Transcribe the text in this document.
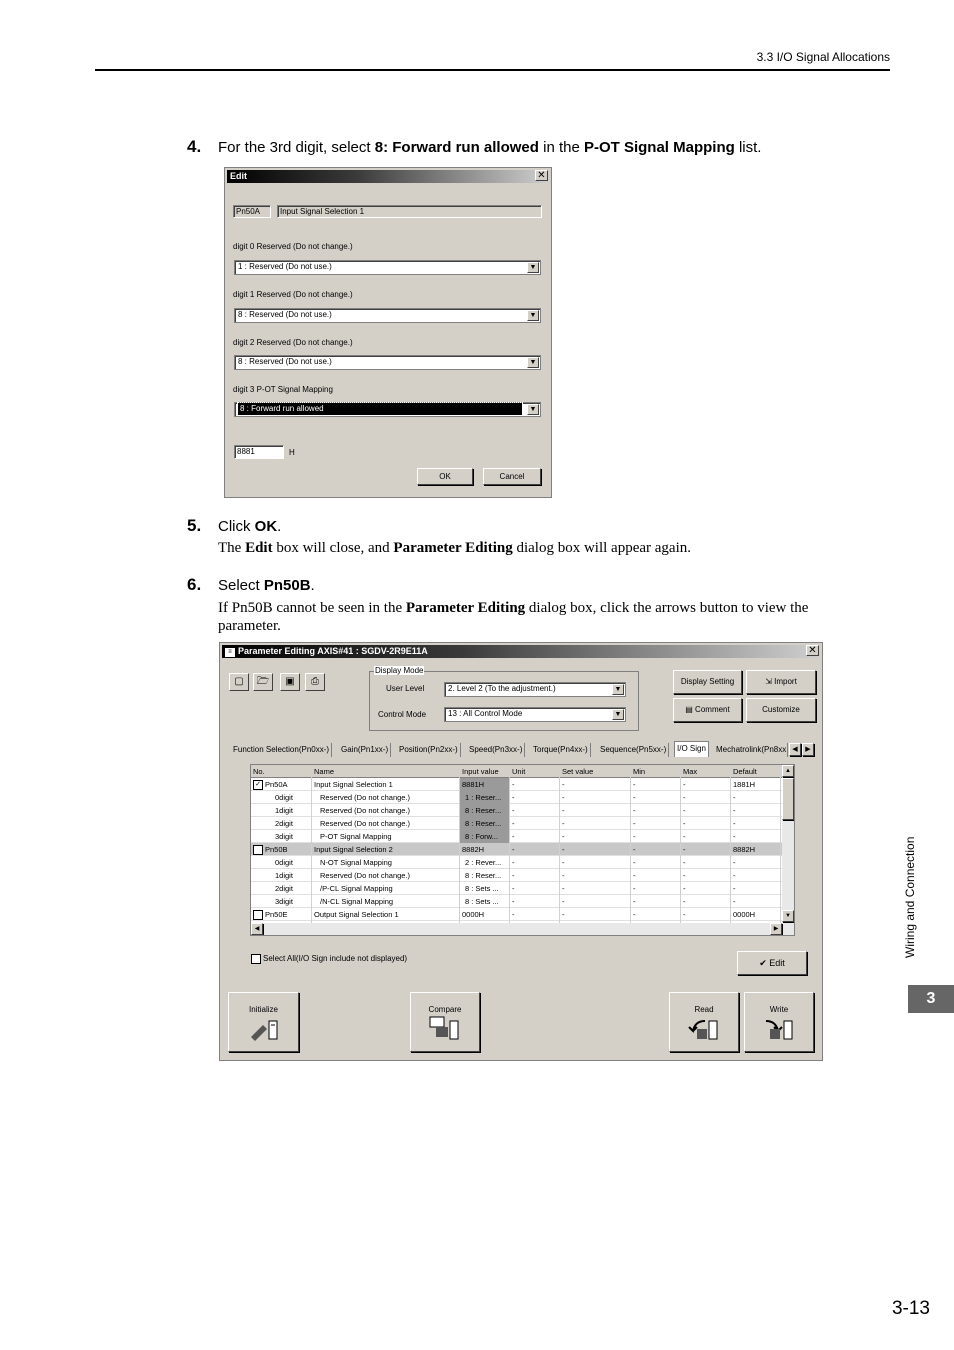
3.3 I/O Signal Allocations
4. For the 3rd digit, select 8: Forward run allowed in the P-OT Signal Mapping list.
Edit	✕
Pn50A	Input Signal Selection 1
digit 0 Reserved (Do not change.)
1 : Reserved (Do not use.)	▼
digit 1 Reserved (Do not change.)
8 : Reserved (Do not use.)	▼
digit 2 Reserved (Do not change.)
8 : Reserved (Do not use.)	▼
digit 3 P-OT Signal Mapping
8 : Forward run allowed	▼
8881	H
OK	Cancel
5. Click OK.
The Edit box will close, and Parameter Editing dialog box will appear again.
6. Select Pn50B.
If Pn50B cannot be seen in the Parameter Editing dialog box, click the arrows button to view the parameter.
Parameter Editing AXIS#41 : SGDV-2R9E11A
≡	✕
▢	🗁	▣	⎙
Display Mode
User Level	2. Level 2 (To the adjustment.)	▼
Control Mode	13 : All Control Mode	▼
Display Setting	⇲ Import
▤ Comment	Customize
Function Selection(Pn0xx-)	Gain(Pn1xx-)	Position(Pn2xx-)	Speed(Pn3xx-)	Torque(Pn4xx-)	Sequence(Pn5xx-)	I/O Sign	Mechatrolink(Pn8xx ◀	▶
No.	Name	Input value	Unit	Set value	Min	Max	Default
✓ Pn50A	Input Signal Selection 1	8881H	-	-	-	-	1881H
0digit	Reserved (Do not change.)	1 : Reser...	-	-	-	-	-
1digit	Reserved (Do not change.)	8 : Reser...	-	-	-	-	-
2digit	Reserved (Do not change.)	8 : Reser...	-	-	-	-	-
3digit	P-OT Signal Mapping	8 : Forw...	-	-	-	-	-
Pn50B	Input Signal Selection 2	8882H	-	-	-	-	8882H
0digit	N-OT Signal Mapping	2 : Rever...	-	-	-	-	-
1digit	Reserved (Do not change.)	8 : Reser...	-	-	-	-	-
2digit	/P-CL Signal Mapping	8 : Sets ...	-	-	-	-	-
3digit	/N-CL Signal Mapping	8 : Sets ...	-	-	-	-	-
Pn50E	Output Signal Selection 1	0000H	-	-	-	-	0000H
▲
▼
◀	▶
Select All(I/O Sign include not displayed)	✔ Edit
Initialize	Compare	Read	Write
Wiring and Connection
3
3-13
